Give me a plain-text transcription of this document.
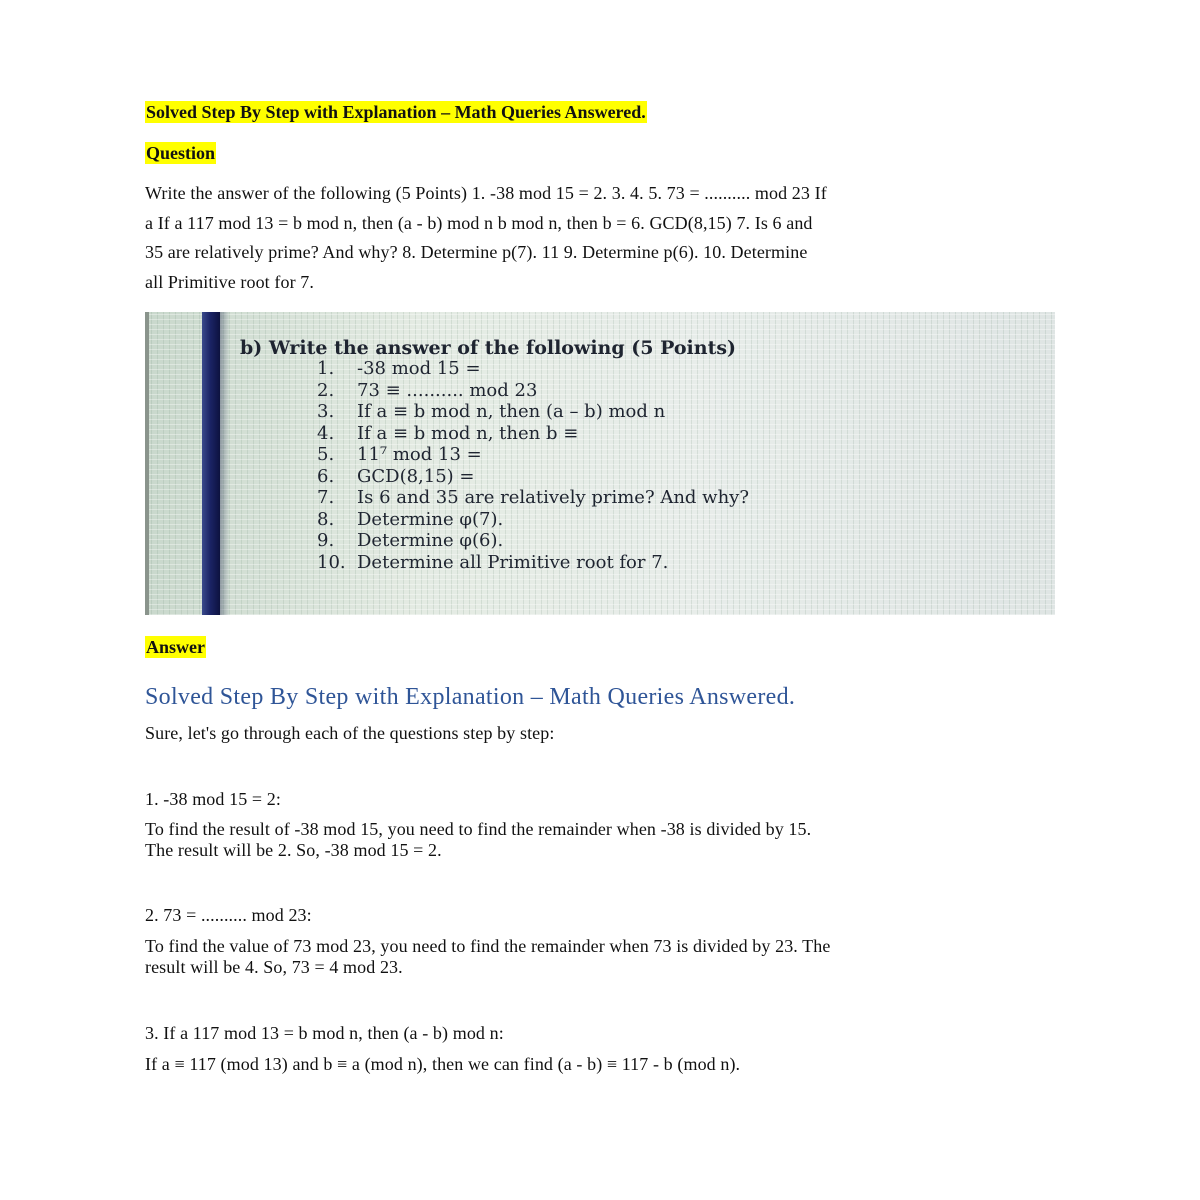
Solved Step By Step with Explanation – Math Queries Answered.
Question
Write the answer of the following (5 Points) 1. -38 mod 15 = 2. 3. 4. 5. 73 = .......... mod 23 If
a If a 117 mod 13 = b mod n, then (a - b) mod n b mod n, then b = 6. GCD(8,15) 7. Is 6 and
35 are relatively prime? And why? 8. Determine p(7). 11 9. Determine p(6). 10. Determine
all Primitive root for 7.
b) Write the answer of the following (5 Points)
1.	-38 mod 15 =
2.	73 ≡ .......... mod 23
3.	If a ≡ b mod n, then (a – b) mod n
4.	If a ≡ b mod n, then b ≡
5.	11⁷ mod 13 =
6.	GCD(8,15) =
7.	Is 6 and 35 are relatively prime? And why?
8.	Determine φ(7).
9.	Determine φ(6).
10. Determine all Primitive root for 7.
Answer
Solved Step By Step with Explanation – Math Queries Answered.
Sure, let's go through each of the questions step by step:
1. -38 mod 15 = 2:
To find the result of -38 mod 15, you need to find the remainder when -38 is divided by 15.
The result will be 2. So, -38 mod 15 = 2.
2. 73 = .......... mod 23:
To find the value of 73 mod 23, you need to find the remainder when 73 is divided by 23. The
result will be 4. So, 73 = 4 mod 23.
3. If a 117 mod 13 = b mod n, then (a - b) mod n:
If a ≡ 117 (mod 13) and b ≡ a (mod n), then we can find (a - b) ≡ 117 - b (mod n).
